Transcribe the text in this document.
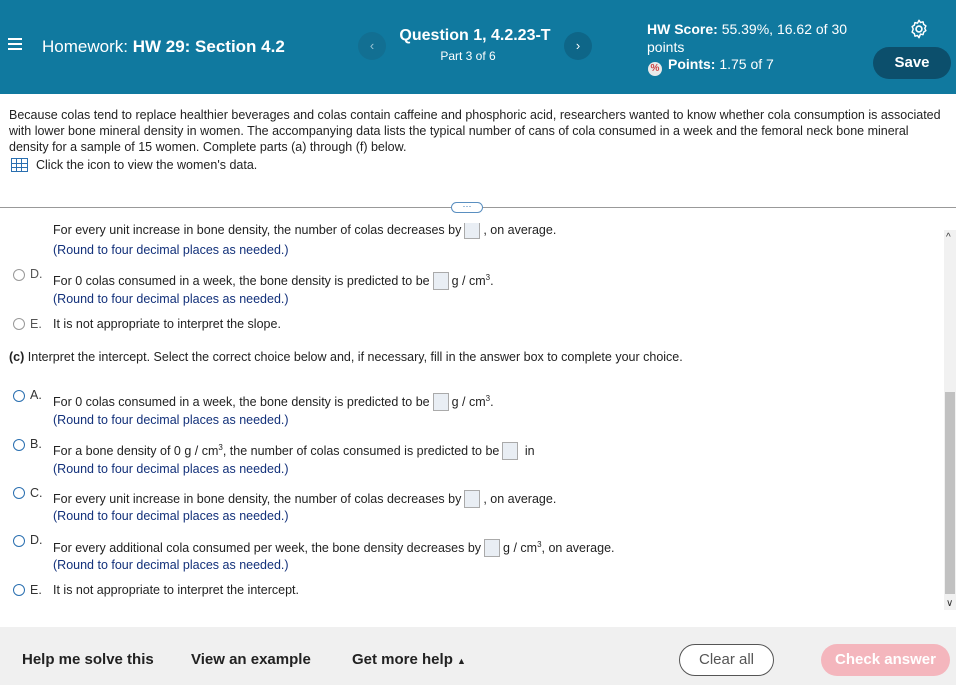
Homework: HW 29: Section 4.2	‹
Question 1, 4.2.23-T
Part 3 of 6
›
HW Score: 55.39%, 16.62 of 30 points
% Points: 1.75 of 7	Save
Because colas tend to replace healthier beverages and colas contain caffeine and phosphoric acid, researchers wanted to know whether cola consumption is associated with lower bone mineral density in women. The accompanying data lists the typical number of cans of cola consumed in a week and the femoral neck bone mineral density for a sample of 15 women. Complete parts (a) through (f) below.
Click the icon to view the women's data.
···
For every unit increase in bone density, the number of colas decreases by , on average.
(Round to four decimal places as needed.)
D. For 0 colas consumed in a week, the bone density is predicted to be g / $cm^3$.
(Round to four decimal places as needed.)
E. It is not appropriate to interpret the slope.
(c) Interpret the intercept. Select the correct choice below and, if necessary, fill in the answer box to complete your choice.
A. For 0 colas consumed in a week, the bone density is predicted to be g / $cm^3$.
(Round to four decimal places as needed.)
B. For a bone density of 0 g / $cm^3$, the number of colas consumed is predicted to be in
(Round to four decimal places as needed.)
C. For every unit increase in bone density, the number of colas decreases by , on average.
(Round to four decimal places as needed.)
D.
For every additional cola consumed per week, the bone density decreases by g / $cm^3$, on average.
(Round to four decimal places as needed.)
E. It is not appropriate to interpret the intercept.
^
∨
Help me solve this View an example	Get more help ▲	Clear all	Check answer
